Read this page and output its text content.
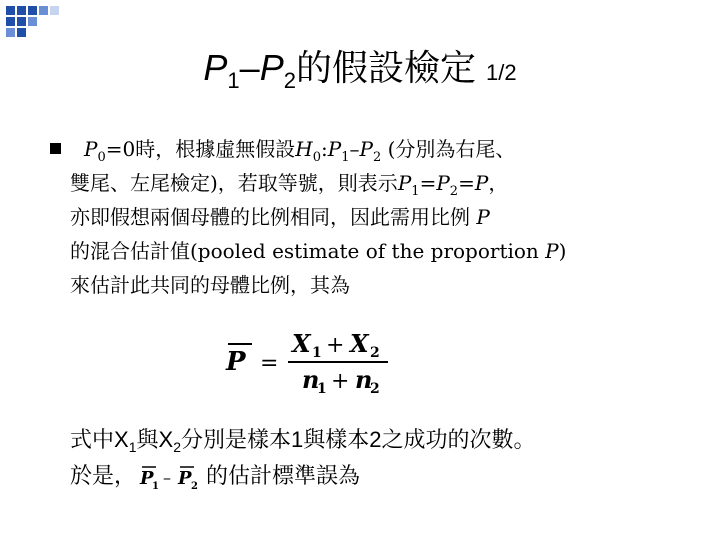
$P_1-P_2$的假設檢定 1/2
$P_0=0$時，根據虛無假設$H_0:P_1-P_2$ (分別為右尾、
雙尾、左尾檢定)，若取等號，則表示$P_1=P_2=P$，
亦即假想兩個母體的比例相同，因此需用比例 P
的混合估計值(pooled estimate of the proportion P)
來估計此共同的母體比例，其為
P =
X 1 + X 2
n
1 + n
2
式中$X_1$與$X_2$分別是樣本1與樣本2之成功的次數。
於是， P
1 – P 2 的估計標準誤為
